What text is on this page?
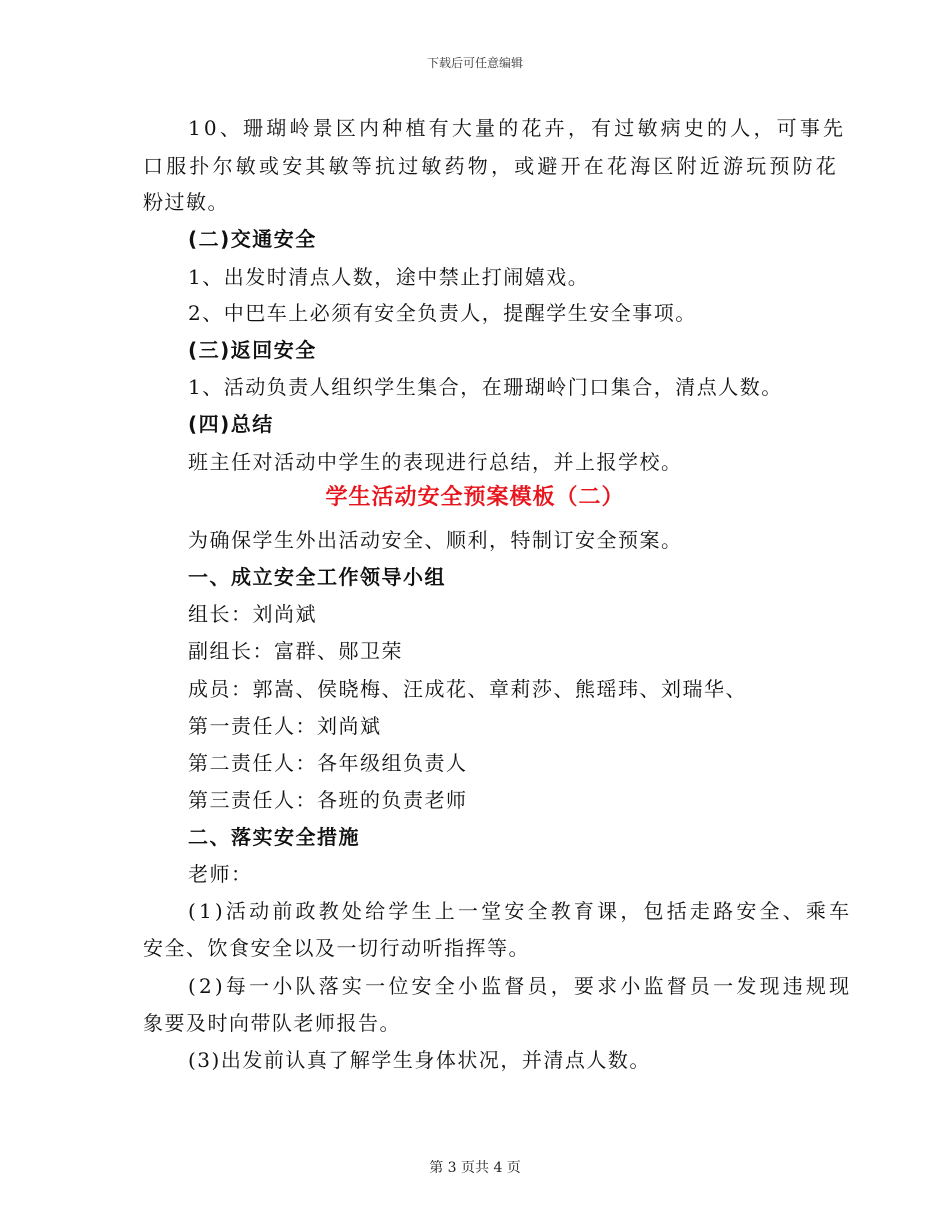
下载后可任意编辑
10、珊瑚岭景区内种植有大量的花卉，有过敏病史的人，可事先
口服扑尔敏或安其敏等抗过敏药物，或避开在花海区附近游玩预防花
粉过敏。
(二)交通安全
1、出发时清点人数，途中禁止打闹嬉戏。
2、中巴车上必须有安全负责人，提醒学生安全事项。
(三)返回安全
1、活动负责人组织学生集合，在珊瑚岭门口集合，清点人数。
(四)总结
班主任对活动中学生的表现进行总结，并上报学校。
学生活动安全预案模板（二）
为确保学生外出活动安全、顺利，特制订安全预案。
一、成立安全工作领导小组
组长：刘尚斌
副组长：富群、郧卫荣
成员：郭嵩、侯晓梅、汪成花、章莉莎、熊瑶玮、刘瑞华、
第一责任人：刘尚斌
第二责任人：各年级组负责人
第三责任人：各班的负责老师
二、落实安全措施
老师：
(1)活动前政教处给学生上一堂安全教育课，包括走路安全、乘车
安全、饮食安全以及一切行动听指挥等。
(2)每一小队落实一位安全小监督员，要求小监督员一发现违规现
象要及时向带队老师报告。
(3)出发前认真了解学生身体状况，并清点人数。
第 3 页共 4 页
